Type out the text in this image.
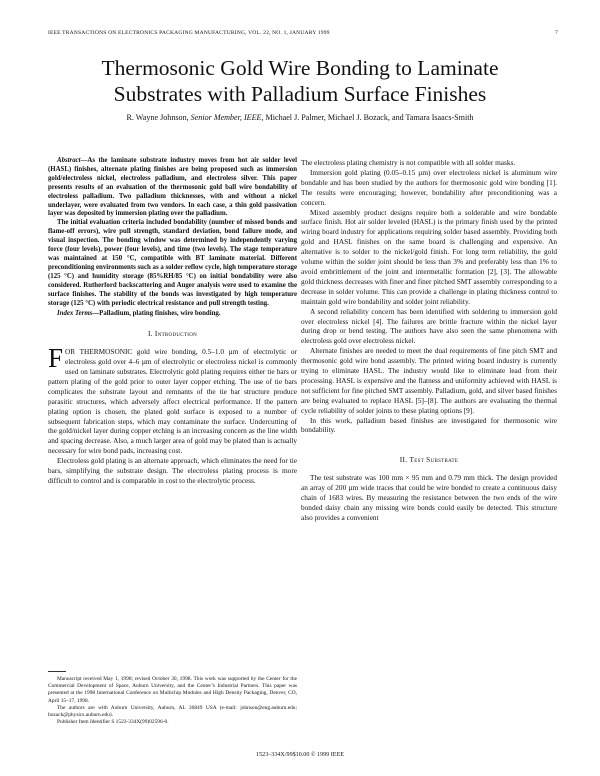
IEEE TRANSACTIONS ON ELECTRONICS PACKAGING MANUFACTURING, VOL. 22, NO. 1, JANUARY 1999	7
Thermosonic Gold Wire Bonding to Laminate
Substrates with Palladium Surface Finishes
R. Wayne Johnson, Senior Member, IEEE, Michael J. Palmer, Michael J. Bozack, and Tamara Isaacs-Smith

Abstract—As the laminate substrate industry moves from hot air solder level (HASL) finishes, alternate plating finishes are being proposed such as immersion gold/electroless nickel, electroless palladium, and electroless silver. This paper presents results of an evaluation of the thermosonic gold ball wire bondability of electroless palladium. Two palladium thicknesses, with and without a nickel underlayer, were evaluated from two vendors. In each case, a thin gold passivation layer was deposited by immersion plating over the palladium.

The initial evaluation criteria included bondability (number of missed bonds and flame-off errors), wire pull strength, standard deviation, bond failure mode, and visual inspection. The bonding window was determined by independently varying force (four levels), power (four levels), and time (two levels). The stage temperature was maintained at 150 °C, compatible with BT laminate material. Different preconditioning environments such as a solder reflow cycle, high temperature storage (125 °C) and humidity storage (85%RH/85 °C) on initial bondability were also considered. Rutherford backscattering and Auger analysis were used to examine the surface finishes. The stability of the bonds was investigated by high temperature storage (125 °C) with periodic electrical resistance and pull strength testing.

Index Terms—Palladium, plating finishes, wire bonding.

I. Introduction

FOR THERMOSONIC gold wire bonding, 0.5–1.0 µm of electrolytic or electroless gold over 4–6 µm of electrolytic or electroless nickel is commonly used on laminate substrates. Electrolytic gold plating requires either tie bars or pattern plating of the gold prior to outer layer copper etching. The use of tie bars complicates the substrate layout and remnants of the tie bar structure produce parasitic structures, which adversely affect electrical performance. If the pattern plating option is chosen, the plated gold surface is exposed to a number of subsequent fabrication steps, which may contaminate the surface. Undercutting of the gold/nickel layer during copper etching is an increasing concern as the line width and spacing decrease. Also, a much larger area of gold may be plated than is actually necessary for wire bond pads, increasing cost.

Electroless gold plating is an alternate approach, which eliminates the need for tie bars, simplifying the substrate design. The electroless plating process is more difficult to control and is comparable in cost to the electrolytic process.

Manuscript received May 1, 1998; revised October 30, 1998. This work was supported by the Center for the Commercial Development of Space, Auburn University, and the Center’s Industrial Partners. This paper was presented at the 1998 International Conference on Multichip Modules and High Density Packaging, Denver, CO, April 15–17, 1998.

The authors are with Auburn University, Auburn, AL 36849 USA (e-mail: johnson@eng.auburn.edu; bozack@physics.auburn.edu).

Publisher Item Identifier S 1523-334X(99)02596-0.

The electroless plating chemistry is not compatible with all solder masks.

Immersion gold plating (0.05–0.15 µm) over electroless nickel is aluminum wire bondable and has been studied by the authors for thermosonic gold wire bonding [1]. The results were encouraging; however, bondability after preconditioning was a concern.

Mixed assembly product designs require both a solderable and wire bondable surface finish. Hot air solder leveled (HASL) is the primary finish used by the printed wiring board industry for applications requiring solder based assembly. Providing both gold and HASL finishes on the same board is challenging and expensive. An alternative is to solder to the nickel/gold finish. For long term reliability, the gold volume within the solder joint should be less than 3% and preferably less than 1% to avoid embrittlement of the joint and intermetallic formation [2], [3]. The allowable gold thickness decreases with finer and finer pitched SMT assembly corresponding to a decrease in solder volume. This can provide a challenge in plating thickness control to maintain gold wire bondability and solder joint reliability.

A second reliability concern has been identified with soldering to immersion gold over electroless nickel [4]. The failures are brittle fracture within the nickel layer during drop or bend testing. The authors have also seen the same phenomena with electroless gold over electroless nickel.

Alternate finishes are needed to meet the dual requirements of fine pitch SMT and thermosonic gold wire bond assembly. The printed wiring board industry is currently trying to eliminate HASL. The industry would like to eliminate lead from their processing. HASL is expensive and the flatness and uniformity achieved with HASL is not sufficient for fine pitched SMT assembly. Palladium, gold, and silver based finishes are being evaluated to replace HASL [5]–[8]. The authors are evaluating the thermal cycle reliability of solder joints to these plating options [9].

In this work, palladium based finishes are investigated for thermosonic wire bondability.

II. Test Substrate

The test substrate was 100 mm × 95 mm and 0.79 mm thick. The design provided an array of 200 µm wide traces that could be wire bonded to create a continuous daisy chain of 1683 wires. By measuring the resistance between the two ends of the wire bonded daisy chain any missing wire bonds could easily be detected. This structure also provides a convenient

1523–334X/99$10.00 © 1999 IEEE
